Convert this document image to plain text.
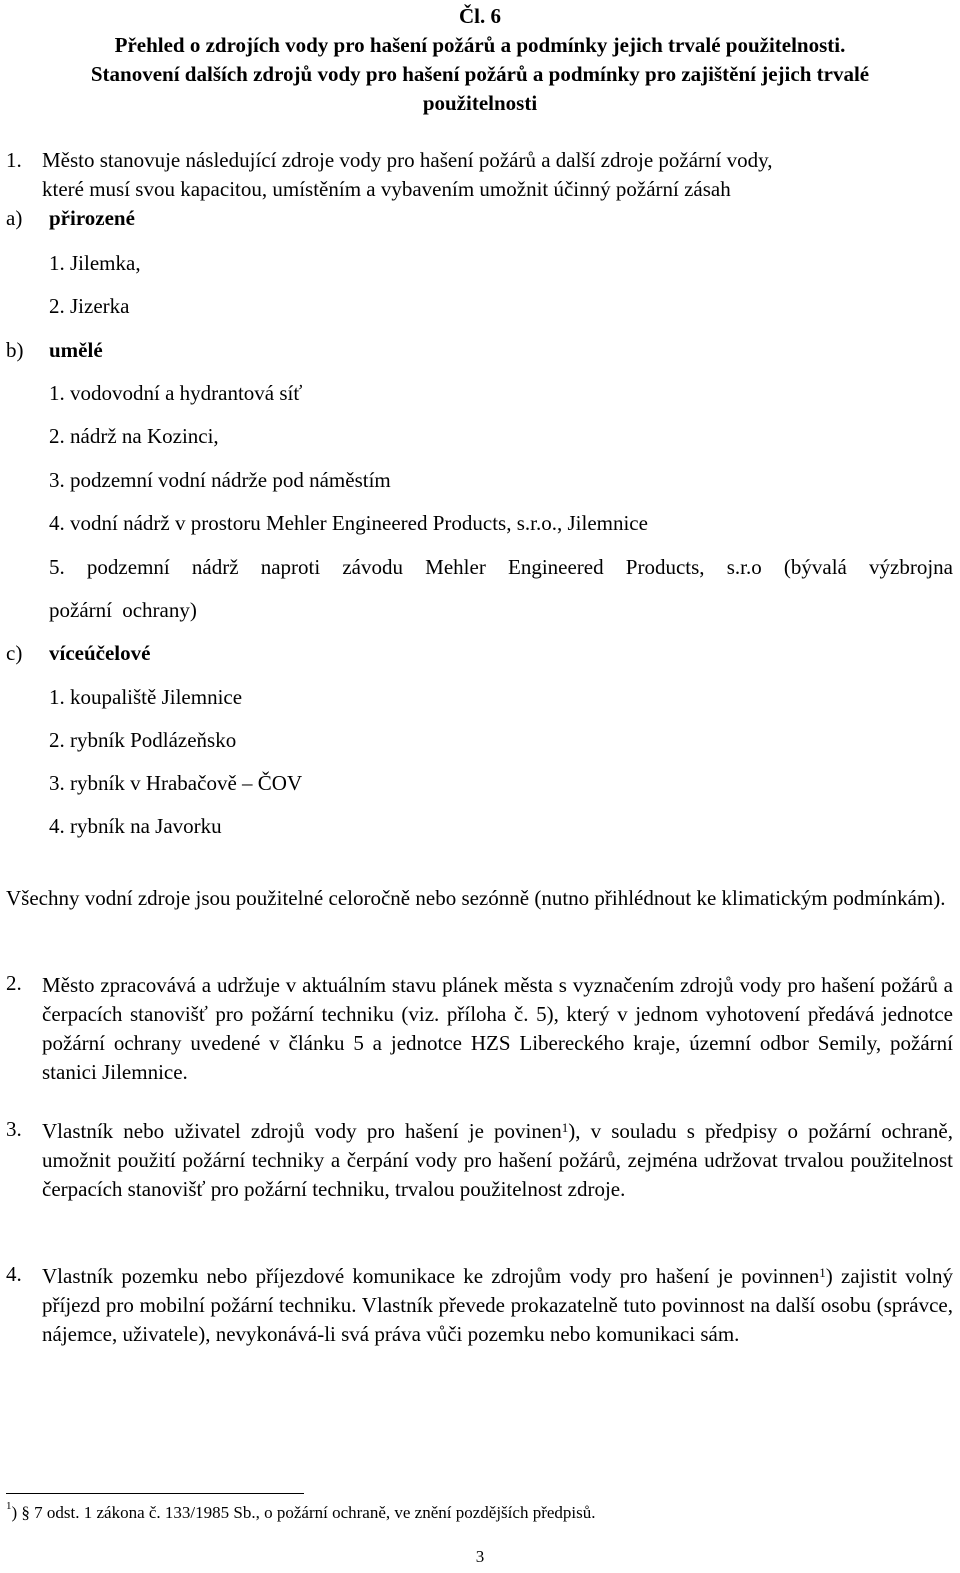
Čl. 6
Přehled o zdrojích vody pro hašení požárů a podmínky jejich trvalé použitelnosti.
Stanovení dalších zdrojů vody pro hašení požárů a podmínky pro zajištění jejich trvalé
použitelnosti
1. Město stanovuje následující zdroje vody pro hašení požárů a další zdroje požární vody,
které musí svou kapacitou, umístěním a vybavením umožnit účinný požární zásah
a) přirozené
1. Jilemka,
2. Jizerka
b) umělé
1. vodovodní a hydrantová síť
2. nádrž na Kozinci,
3. podzemní vodní nádrže pod náměstím
4. vodní nádrž v prostoru Mehler Engineered Products, s.r.o., Jilemnice
5. podzemní nádrž naproti závodu Mehler Engineered Products, s.r.o (bývalá výzbrojna
požární ochrany)
c) víceúčelové
1. koupaliště Jilemnice
2. rybník Podlázeňsko
3. rybník v Hrabačově – ČOV
4. rybník na Javorku
Všechny vodní zdroje jsou použitelné celoročně nebo sezónně (nutno přihlédnout ke klimatickým podmínkám).
2. Město zpracovává a udržuje v aktuálním stavu plánek města s vyznačením zdrojů vody pro hašení požárů a čerpacích stanovišť pro požární techniku (viz. příloha č. 5), který v jednom vyhotovení předává jednotce požární ochrany uvedené v článku 5 a jednotce HZS Libereckého kraje, územní odbor Semily, požární stanici Jilemnice.
3. Vlastník nebo uživatel zdrojů vody pro hašení je povinen$^1$), v souladu s předpisy o požární ochraně, umožnit použití požární techniky a čerpání vody pro hašení požárů, zejména udržovat trvalou použitelnost čerpacích stanovišť pro požární techniku, trvalou použitelnost zdroje.
4. Vlastník pozemku nebo příjezdové komunikace ke zdrojům vody pro hašení je povinnen$^1$) zajistit volný příjezd pro mobilní požární techniku. Vlastník převede prokazatelně tuto povinnost na další osobu (správce, nájemce, uživatele), nevykonává-li svá práva vůči pozemku nebo komunikaci sám.
$^1$) § 7 odst. 1 zákona č. 133/1985 Sb., o požární ochraně, ve znění pozdějších předpisů.
3
